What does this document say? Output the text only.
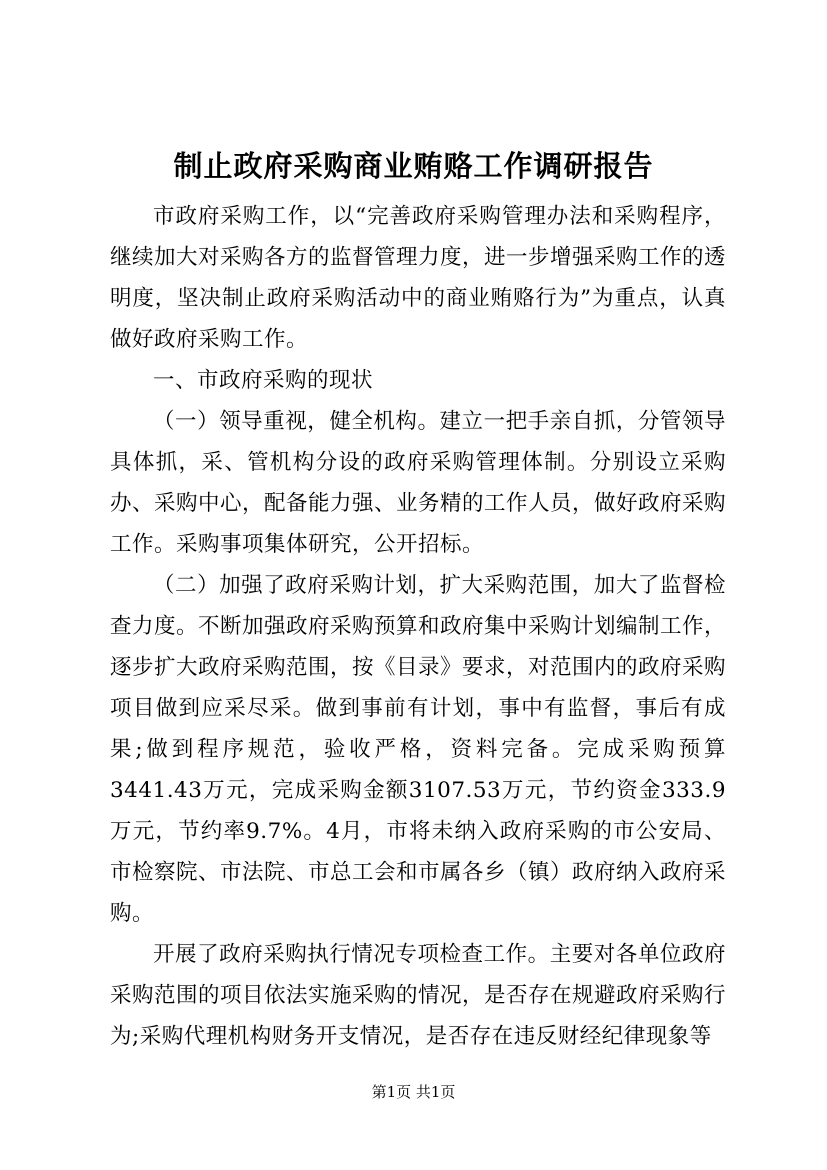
制止政府采购商业贿赂工作调研报告

市政府采购工作，以“完善政府采购管理办法和采购程序，继续加大对采购各方的监督管理力度，进一步增强采购工作的透明度，坚决制止政府采购活动中的商业贿赂行为”为重点，认真做好政府采购工作。

一、市政府采购的现状

（一）领导重视，健全机构。建立一把手亲自抓，分管领导具体抓，采、管机构分设的政府采购管理体制。分别设立采购办、采购中心，配备能力强、业务精的工作人员，做好政府采购工作。采购事项集体研究，公开招标。

（二）加强了政府采购计划，扩大采购范围，加大了监督检查力度。不断加强政府采购预算和政府集中采购计划编制工作，逐步扩大政府采购范围，按《目录》要求，对范围内的政府采购项目做到应采尽采。做到事前有计划，事中有监督，事后有成果;做到程序规范，验收严格，资料完备。完成采购预算3441.43万元，完成采购金额3107.53万元，节约资金333.9万元，节约率9.7%。4月，市将未纳入政府采购的市公安局、市检察院、市法院、市总工会和市属各乡（镇）政府纳入政府采购。

开展了政府采购执行情况专项检查工作。主要对各单位政府采购范围的项目依法实施采购的情况，是否存在规避政府采购行为;采购代理机构财务开支情况，是否存在违反财经纪律现象等

第1页 共1页
